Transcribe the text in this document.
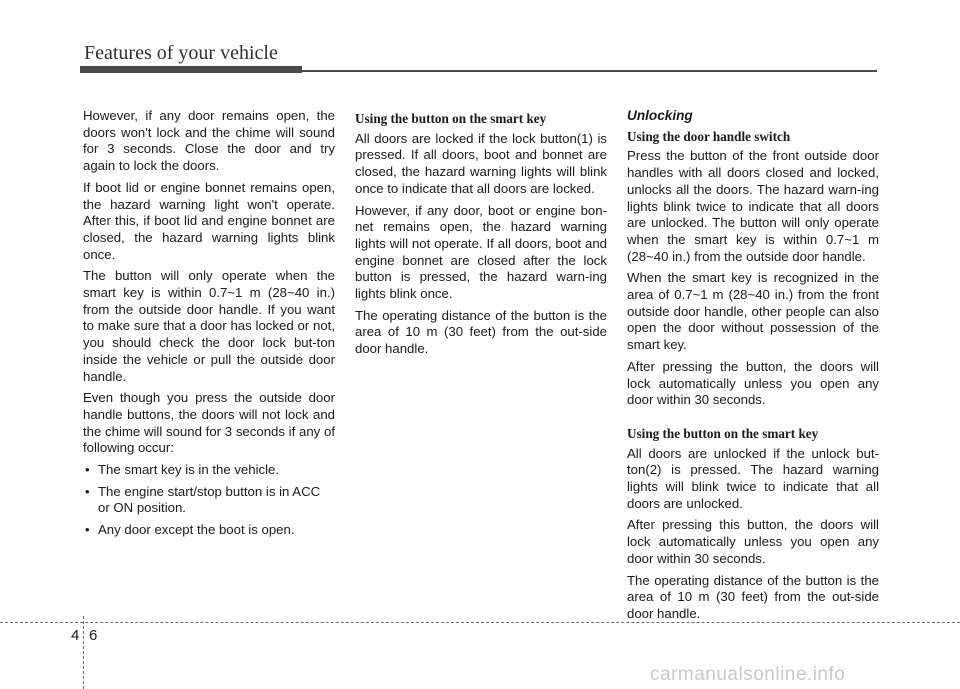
Features of your vehicle

However, if any door remains open, the doors won't lock and the chime will sound for 3 seconds. Close the door and try again to lock the doors.

If boot lid or engine bonnet remains open, the hazard warning light won't operate. After this, if boot lid and engine bonnet are closed, the hazard warning lights blink once.

The button will only operate when the smart key is within 0.7~1 m (28~40 in.) from the outside door handle. If you want to make sure that a door has locked or not, you should check the door lock but-ton inside the vehicle or pull the outside door handle.

Even though you press the outside door handle buttons, the doors will not lock and the chime will sound for 3 seconds if any of following occur:

• The smart key is in the vehicle.
• The engine start/stop button is in ACC or ON position.
• Any door except the boot is open.
Using the button on the smart key

All doors are locked if the lock button(1) is pressed. If all doors, boot and bonnet are closed, the hazard warning lights will blink once to indicate that all doors are locked.

However, if any door, boot or engine bon-net remains open, the hazard warning lights will not operate. If all doors, boot and engine bonnet are closed after the lock button is pressed, the hazard warn-ing lights blink once.

The operating distance of the button is the area of 10 m (30 feet) from the out-side door handle.

Unlocking
Using the door handle switch

Press the button of the front outside door handles with all doors closed and locked, unlocks all the doors. The hazard warn-ing lights blink twice to indicate that all doors are unlocked. The button will only operate when the smart key is within 0.7~1 m (28~40 in.) from the outside door handle.

When the smart key is recognized in the area of 0.7~1 m (28~40 in.) from the front outside door handle, other people can also open the door without possession of the smart key.

After pressing the button, the doors will lock automatically unless you open any door within 30 seconds.

Using the button on the smart key

All doors are unlocked if the unlock but-ton(2) is pressed. The hazard warning lights will blink twice to indicate that all doors are unlocked.

After pressing this button, the doors will lock automatically unless you open any door within 30 seconds.

The operating distance of the button is the area of 10 m (30 feet) from the out-side door handle.

4 6
carmanualsonline.info
